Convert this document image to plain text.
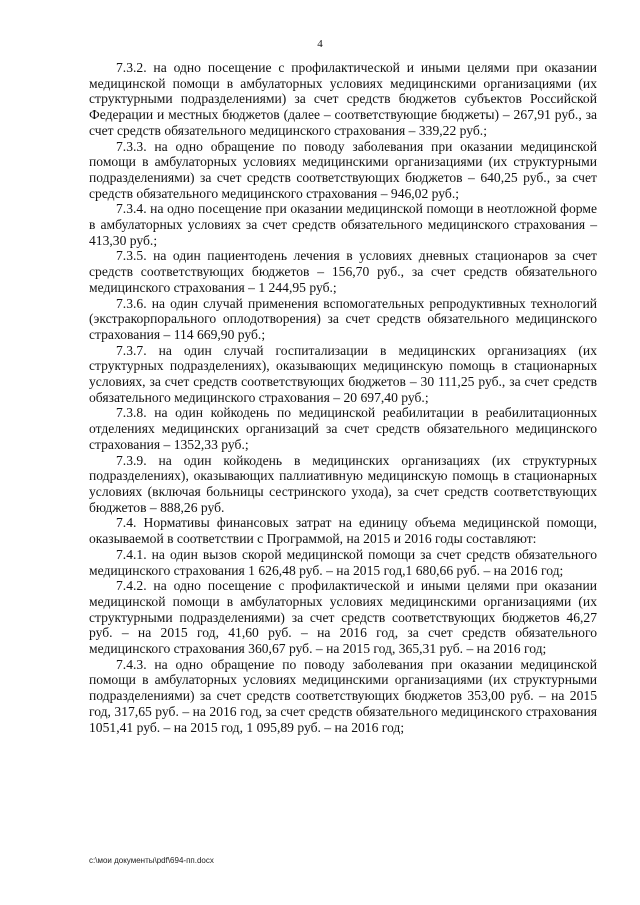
4

7.3.2. на одно посещение с профилактической и иными целями при оказании медицинской помощи в амбулаторных условиях медицинскими организациями (их структурными подразделениями) за счет средств бюджетов субъектов Российской Федерации и местных бюджетов (далее – соответствующие бюджеты) – 267,91 руб., за счет средств обязательного медицинского страхования – 339,22 руб.;

7.3.3. на одно обращение по поводу заболевания при оказании медицинской помощи в амбулаторных условиях медицинскими организациями (их структурными подразделениями) за счет средств соответствующих бюджетов – 640,25 руб., за счет средств обязательного медицинского страхования – 946,02 руб.;

7.3.4. на одно посещение при оказании медицинской помощи в неотложной форме в амбулаторных условиях за счет средств обязательного медицинского страхования – 413,30 руб.;

7.3.5. на один пациентодень лечения в условиях дневных стационаров за счет средств соответствующих бюджетов – 156,70 руб., за счет средств обязательного медицинского страхования – 1 244,95 руб.;

7.3.6. на один случай применения вспомогательных репродуктивных технологий (экстракорпорального оплодотворения) за счет средств обязательного медицинского страхования – 114 669,90 руб.;

7.3.7. на один случай госпитализации в медицинских организациях (их структурных подразделениях), оказывающих медицинскую помощь в стационарных условиях, за счет средств соответствующих бюджетов – 30 111,25 руб., за счет средств обязательного медицинского страхования – 20 697,40 руб.;

7.3.8. на один койкодень по медицинской реабилитации в реабилитационных отделениях медицинских организаций за счет средств обязательного медицинского страхования – 1352,33 руб.;

7.3.9. на один койкодень в медицинских организациях (их структурных подразделениях), оказывающих паллиативную медицинскую помощь в стационарных условиях (включая больницы сестринского ухода), за счет средств соответствующих бюджетов – 888,26 руб.

7.4. Нормативы финансовых затрат на единицу объема медицинской помощи, оказываемой в соответствии с Программой, на 2015 и 2016 годы составляют:

7.4.1. на один вызов скорой медицинской помощи за счет средств обязательного медицинского страхования 1 626,48 руб. – на 2015 год,1 680,66 руб. – на 2016 год;

7.4.2. на одно посещение с профилактической и иными целями при оказании медицинской помощи в амбулаторных условиях медицинскими организациями (их структурными подразделениями) за счет средств соответствующих бюджетов 46,27 руб. – на 2015 год, 41,60 руб. – на 2016 год, за счет средств обязательного медицинского страхования 360,67 руб. – на 2015 год, 365,31 руб. – на 2016 год;

7.4.3. на одно обращение по поводу заболевания при оказании медицинской помощи в амбулаторных условиях медицинскими организациями (их структурными подразделениями) за счет средств соответствующих бюджетов 353,00 руб. – на 2015 год, 317,65 руб. – на 2016 год, за счет средств обязательного медицинского страхования 1051,41 руб. – на 2015 год, 1 095,89 руб. – на 2016 год;

c:\мои документы\pdf\694-пп.docx
